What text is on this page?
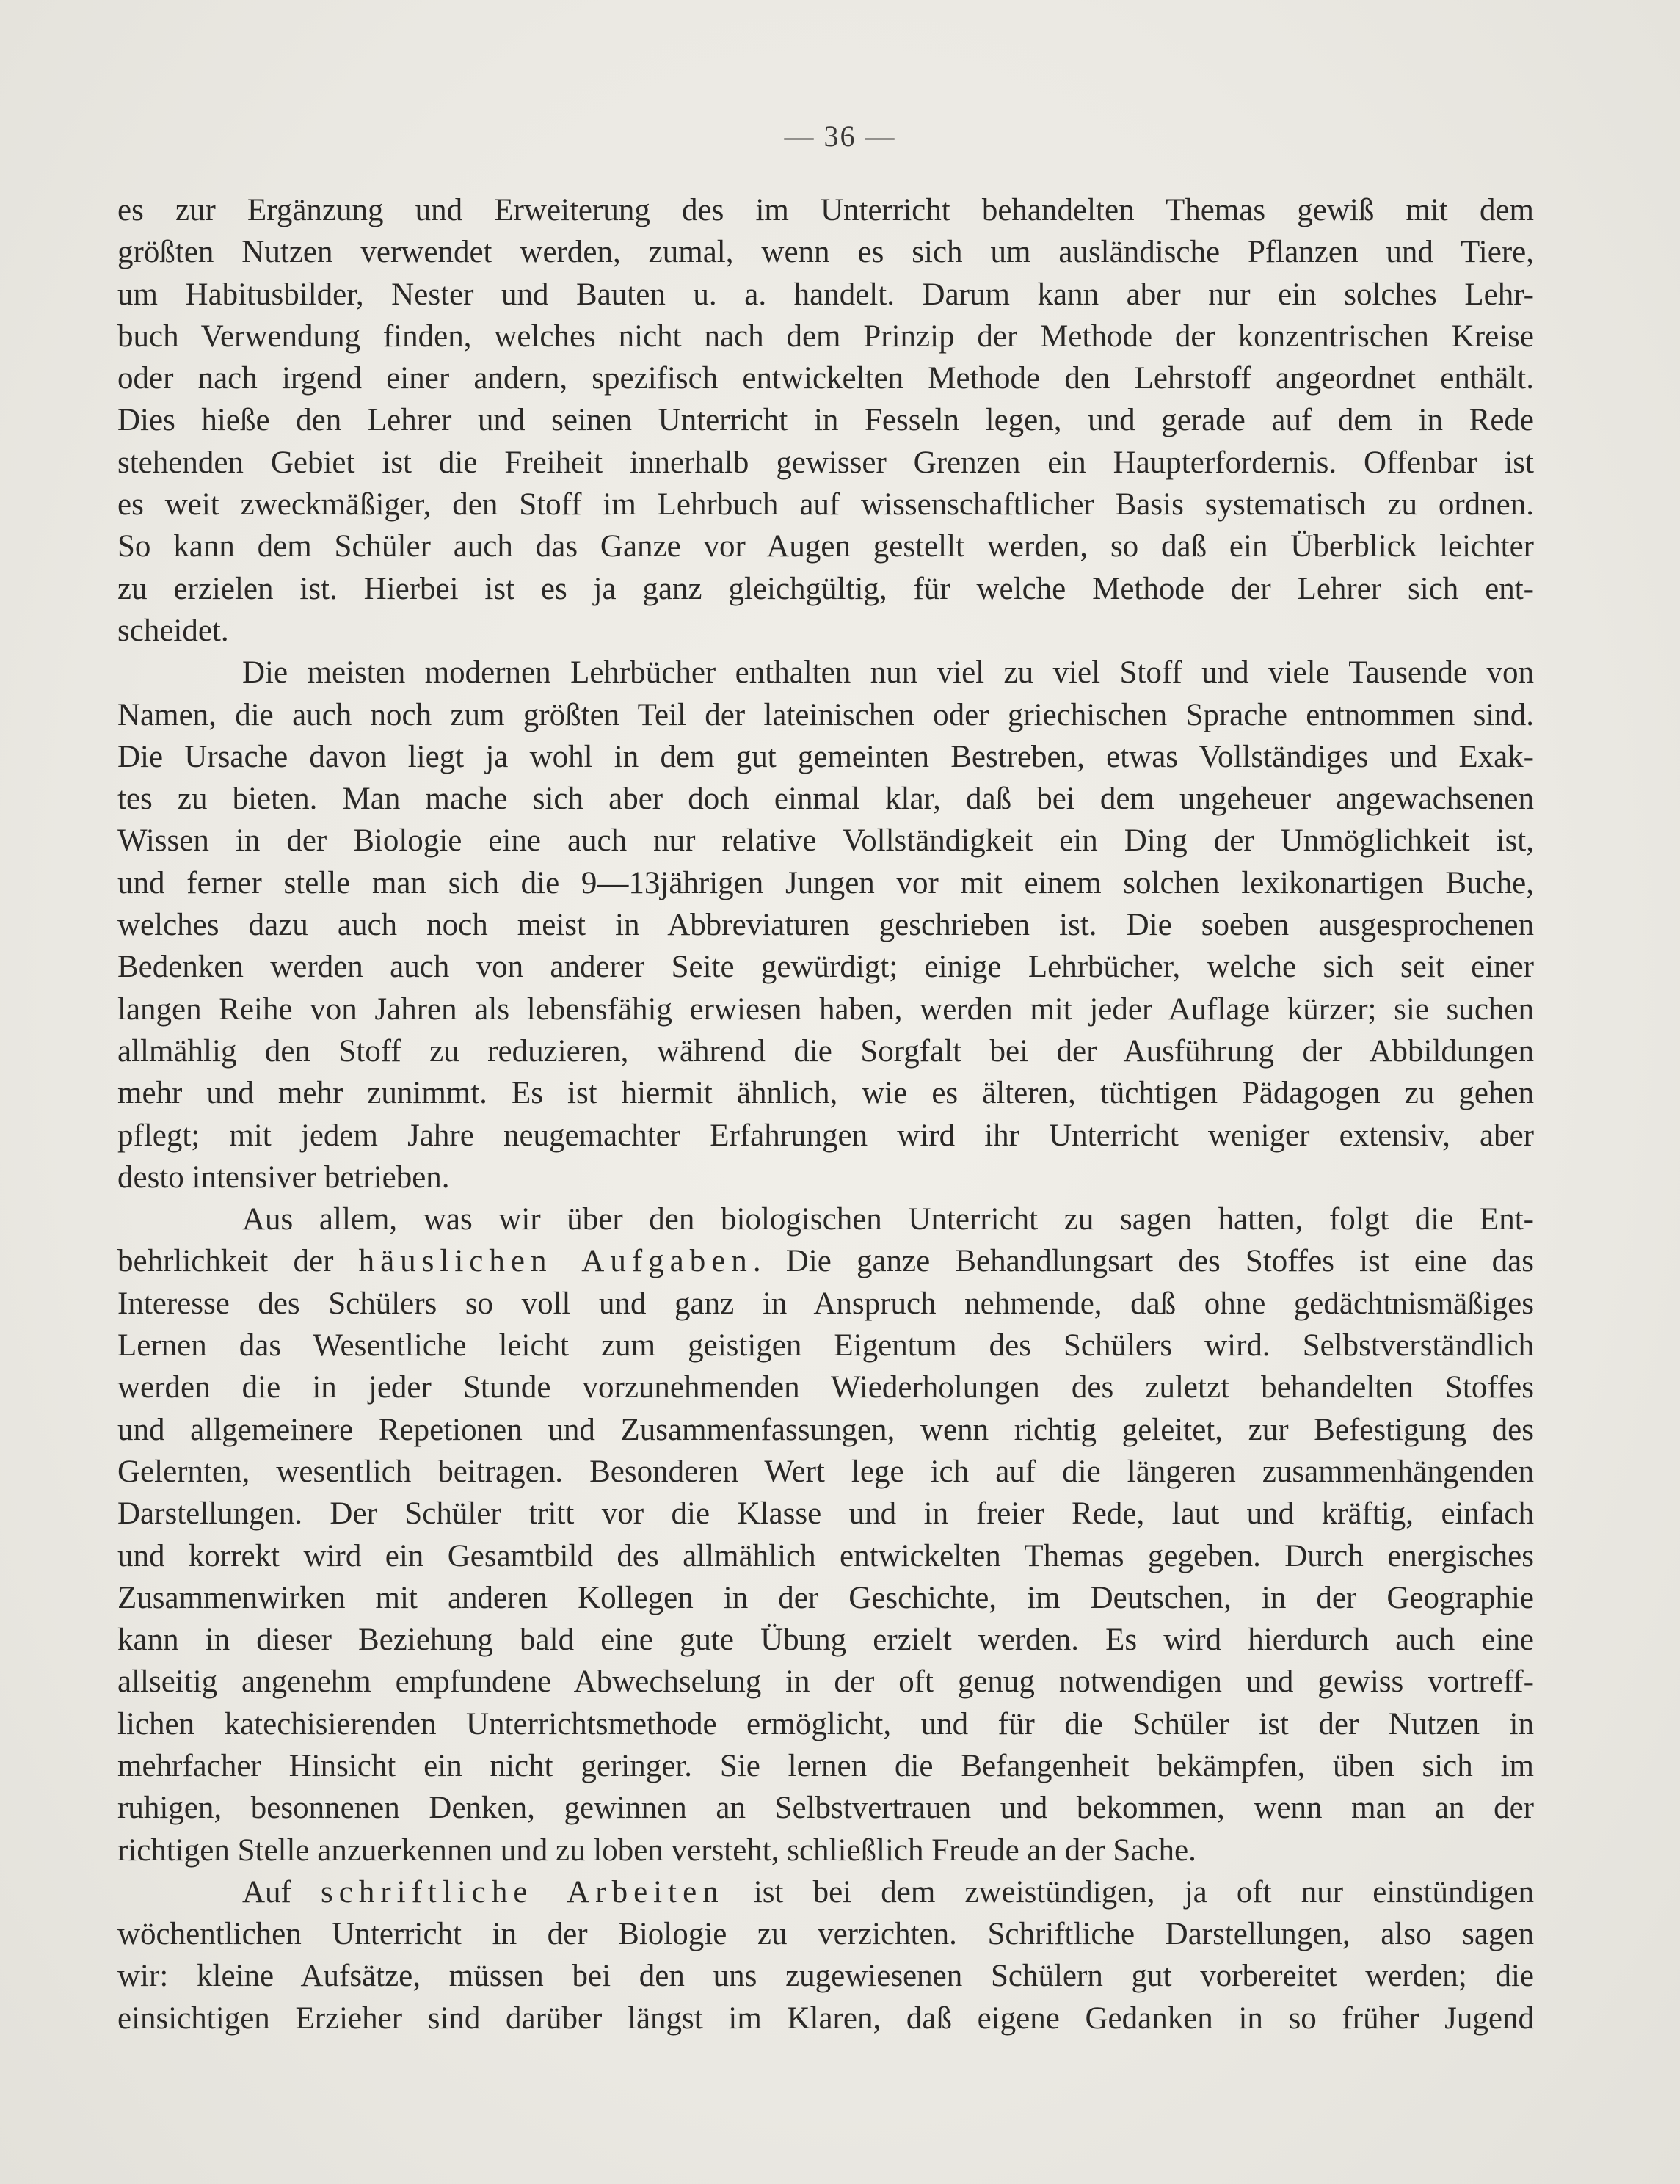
— 36 —
es zur Ergänzung und Erweiterung des im Unterricht behandelten Themas gewiß mit dem
größten Nutzen verwendet werden, zumal, wenn es sich um ausländische Pflanzen und Tiere,
um Habitusbilder, Nester und Bauten u. a. handelt. Darum kann aber nur ein solches Lehr-
buch Verwendung finden, welches nicht nach dem Prinzip der Methode der konzentrischen Kreise
oder nach irgend einer andern, spezifisch entwickelten Methode den Lehrstoff angeordnet enthält.
Dies hieße den Lehrer und seinen Unterricht in Fesseln legen, und gerade auf dem in Rede
stehenden Gebiet ist die Freiheit innerhalb gewisser Grenzen ein Haupterfordernis. Offenbar ist
es weit zweckmäßiger, den Stoff im Lehrbuch auf wissenschaftlicher Basis systematisch zu ordnen.
So kann dem Schüler auch das Ganze vor Augen gestellt werden, so daß ein Überblick leichter
zu erzielen ist. Hierbei ist es ja ganz gleichgültig, für welche Methode der Lehrer sich ent-
scheidet.
Die meisten modernen Lehrbücher enthalten nun viel zu viel Stoff und viele Tausende von
Namen, die auch noch zum größten Teil der lateinischen oder griechischen Sprache entnommen sind.
Die Ursache davon liegt ja wohl in dem gut gemeinten Bestreben, etwas Vollständiges und Exak-
tes zu bieten. Man mache sich aber doch einmal klar, daß bei dem ungeheuer angewachsenen
Wissen in der Biologie eine auch nur relative Vollständigkeit ein Ding der Unmöglichkeit ist,
und ferner stelle man sich die 9—13jährigen Jungen vor mit einem solchen lexikonartigen Buche,
welches dazu auch noch meist in Abbreviaturen geschrieben ist. Die soeben ausgesprochenen
Bedenken werden auch von anderer Seite gewürdigt; einige Lehrbücher, welche sich seit einer
langen Reihe von Jahren als lebensfähig erwiesen haben, werden mit jeder Auflage kürzer; sie suchen
allmählig den Stoff zu reduzieren, während die Sorgfalt bei der Ausführung der Abbildungen
mehr und mehr zunimmt. Es ist hiermit ähnlich, wie es älteren, tüchtigen Pädagogen zu gehen
pflegt; mit jedem Jahre neugemachter Erfahrungen wird ihr Unterricht weniger extensiv, aber
desto intensiver betrieben.
Aus allem, was wir über den biologischen Unterricht zu sagen hatten, folgt die Ent-
behrlichkeit der häuslichen Aufgaben. Die ganze Behandlungsart des Stoffes ist eine das
Interesse des Schülers so voll und ganz in Anspruch nehmende, daß ohne gedächtnismäßiges
Lernen das Wesentliche leicht zum geistigen Eigentum des Schülers wird. Selbstverständlich
werden die in jeder Stunde vorzunehmenden Wiederholungen des zuletzt behandelten Stoffes
und allgemeinere Repetionen und Zusammenfassungen, wenn richtig geleitet, zur Befestigung des
Gelernten, wesentlich beitragen. Besonderen Wert lege ich auf die längeren zusammenhängenden
Darstellungen. Der Schüler tritt vor die Klasse und in freier Rede, laut und kräftig, einfach
und korrekt wird ein Gesamtbild des allmählich entwickelten Themas gegeben. Durch energisches
Zusammenwirken mit anderen Kollegen in der Geschichte, im Deutschen, in der Geographie
kann in dieser Beziehung bald eine gute Übung erzielt werden. Es wird hierdurch auch eine
allseitig angenehm empfundene Abwechselung in der oft genug notwendigen und gewiss vortreff-
lichen katechisierenden Unterrichtsmethode ermöglicht, und für die Schüler ist der Nutzen in
mehrfacher Hinsicht ein nicht geringer. Sie lernen die Befangenheit bekämpfen, üben sich im
ruhigen, besonnenen Denken, gewinnen an Selbstvertrauen und bekommen, wenn man an der
richtigen Stelle anzuerkennen und zu loben versteht, schließlich Freude an der Sache.
Auf schriftliche Arbeiten ist bei dem zweistündigen, ja oft nur einstündigen
wöchentlichen Unterricht in der Biologie zu verzichten. Schriftliche Darstellungen, also sagen
wir: kleine Aufsätze, müssen bei den uns zugewiesenen Schülern gut vorbereitet werden; die
einsichtigen Erzieher sind darüber längst im Klaren, daß eigene Gedanken in so früher Jugend
